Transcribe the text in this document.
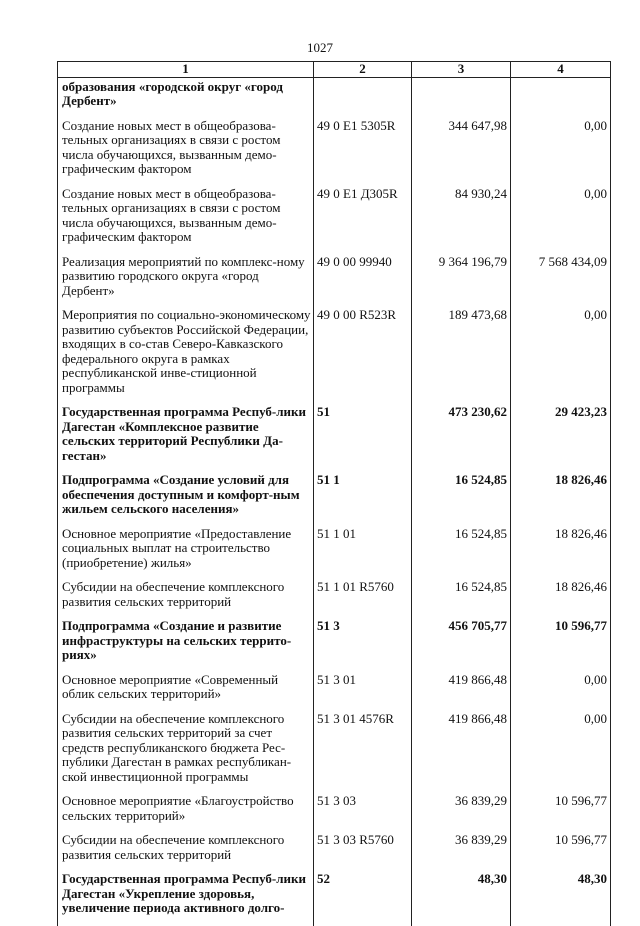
1027
1	2	3	4
образования «городской округ «город Дербент»			
Создание новых мест в общеобразова-тельных организациях в связи с ростом числа обучающихся, вызванным демо-графическим фактором	49 0 E1 5305R	344 647,98	0,00
Создание новых мест в общеобразова-тельных организациях в связи с ростом числа обучающихся, вызванным демо-графическим фактором	49 0 E1 Д305R	84 930,24	0,00
Реализация мероприятий по комплекс-ному развитию городского округа «город Дербент»	49 0 00 99940	9 364 196,79	7 568 434,09
Мероприятия по социально-экономическому развитию субъектов Российской Федерации, входящих в со-став Северо-Кавказского федерального округа в рамках республиканской инве-стиционной программы	49 0 00 R523R	189 473,68	0,00
Государственная программа Респуб-лики Дагестан «Комплексное развитие сельских территорий Республики Да-гестан»	51	473 230,62	29 423,23
Подпрограмма «Создание условий для обеспечения доступным и комфорт-ным жильем сельского населения»	51 1	16 524,85	18 826,46
Основное мероприятие «Предоставление социальных выплат на строительство (приобретение) жилья»	51 1 01	16 524,85	18 826,46
Субсидии на обеспечение комплексного развития сельских территорий	51 1 01 R5760	16 524,85	18 826,46
Подпрограмма «Создание и развитие инфраструктуры на сельских террито-риях»	51 3	456 705,77	10 596,77
Основное мероприятие «Современный облик сельских территорий»	51 3 01	419 866,48	0,00
Субсидии на обеспечение комплексного развития сельских территорий за счет средств республиканского бюджета Рес-публики Дагестан в рамках республикан-ской инвестиционной программы	51 3 01 4576R	419 866,48	0,00
Основное мероприятие «Благоустройство сельских территорий»	51 3 03	36 839,29	10 596,77
Субсидии на обеспечение комплексного развития сельских территорий	51 3 03 R5760	36 839,29	10 596,77
Государственная программа Респуб-лики Дагестан «Укрепление здоровья, увеличение периода активного долго-	52	48,30	48,30
